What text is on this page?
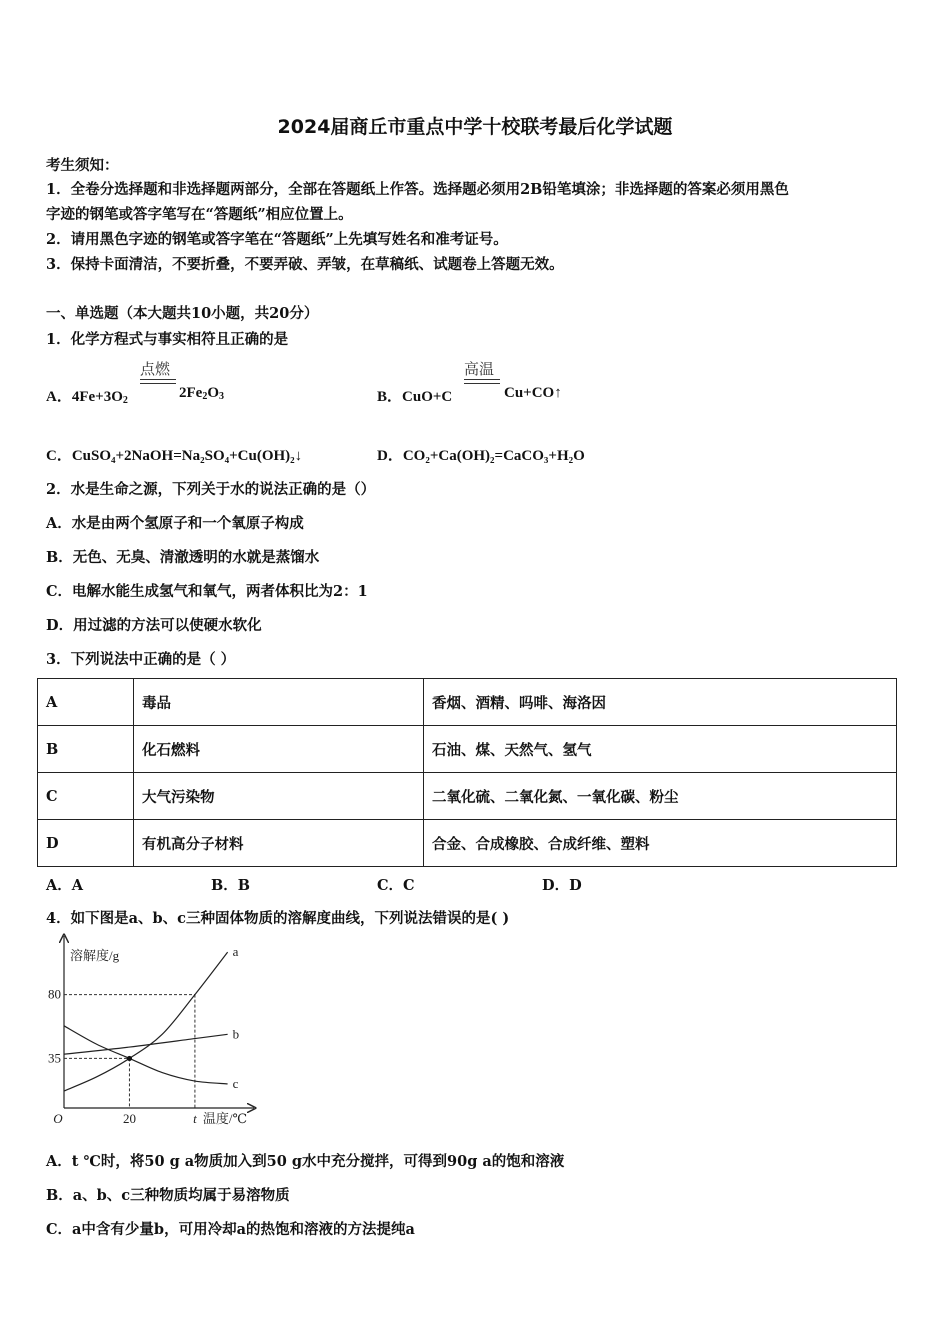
2024届商丘市重点中学十校联考最后化学试题
考生须知：
1．全卷分选择题和非选择题两部分，全部在答题纸上作答。选择题必须用2B铅笔填涂；非选择题的答案必须用黑色
字迹的钢笔或答字笔写在“答题纸”相应位置上。
2．请用黑色字迹的钢笔或答字笔在“答题纸”上先填写姓名和准考证号。
3．保持卡面清洁，不要折叠，不要弄破、弄皱，在草稿纸、试题卷上答题无效。
一、单选题（本大题共10小题，共20分）
1．化学方程式与事实相符且正确的是
A．$4Fe+3O_2$
点燃
$2Fe_2O_3$	B．CuO+C
高温
Cu+CO↑
C．CuSO₄+2NaOH=Na₂SO₄+Cu(OH)₂↓	D．CO₂+Ca(OH)₂=CaCO₃+H₂O
2．水是生命之源，下列关于水的说法正确的是（）
A．水是由两个氢原子和一个氧原子构成
B．无色、无臭、清澈透明的水就是蒸馏水
C．电解水能生成氢气和氧气，两者体积比为2：1
D．用过滤的方法可以使硬水软化
3．下列说法中正确的是（ ）
A	毒品	香烟、酒精、吗啡、海洛因
B	化石燃料	石油、煤、天然气、氢气
C	大气污染物	二氧化硫、二氧化氮、一氧化碳、粉尘
D	有机高分子材料	合金、合成橡胶、合成纤维、塑料
A．A	B．B	C．C	D．D
4．如下图是a、b、c三种固体物质的溶解度曲线，下列说法错误的是( )
a
b
c
35
80
20	t
O
溶解度/g
温度/℃
A．t ℃时，将50 g a物质加入到50 g水中充分搅拌，可得到90g a的饱和溶液
B．a、b、c三种物质均属于易溶物质
C．a中含有少量b，可用冷却a的热饱和溶液的方法提纯a
